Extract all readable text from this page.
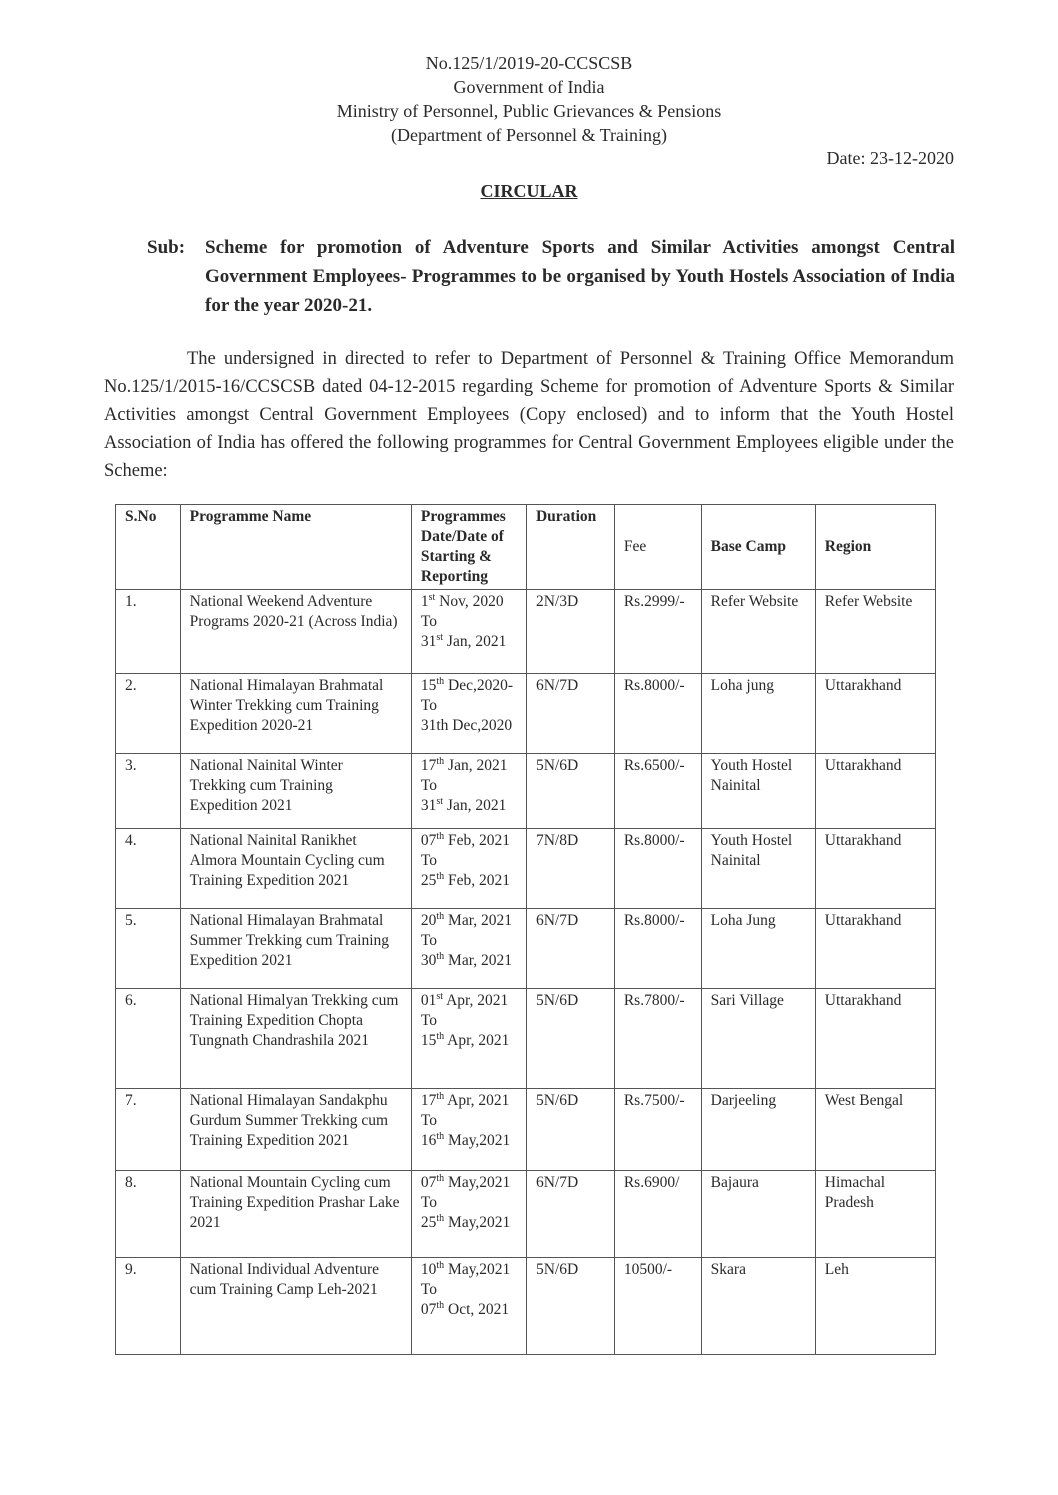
No.125/1/2019-20-CCSCSB
Government of India
Ministry of Personnel, Public Grievances & Pensions
(Department of Personnel & Training)
Date: 23-12-2020
CIRCULAR
Sub:	Scheme for promotion of Adventure Sports and Similar Activities amongst Central Government Employees- Programmes to be organised by Youth Hostels Association of India for the year 2020-21.
The undersigned in directed to refer to Department of Personnel & Training Office Memorandum No.125/1/2015-16/CCSCSB dated 04-12-2015 regarding Scheme for promotion of Adventure Sports & Similar Activities amongst Central Government Employees (Copy enclosed) and to inform that the Youth Hostel Association of India has offered the following programmes for Central Government Employees eligible under the Scheme:
S.No	Programme Name	Programmes Date/Date of Starting & Reporting	Duration	Fee	Base Camp	Region
1.	National Weekend Adventure Programs 2020-21 (Across India)	1st Nov, 2020
To
31st Jan, 2021	2N/3D	Rs.2999/-	Refer Website	Refer Website
2.	National Himalayan Brahmatal Winter Trekking cum Training Expedition 2020-21	15th Dec,2020-
To
31th Dec,2020	6N/7D	Rs.8000/-	Loha jung	Uttarakhand
3.	National Nainital Winter Trekking cum Training Expedition 2021	17th Jan, 2021
To
31st Jan, 2021	5N/6D	Rs.6500/-	Youth Hostel Nainital	Uttarakhand
4.	National Nainital Ranikhet Almora Mountain Cycling cum Training Expedition 2021	07th Feb, 2021
To
25th Feb, 2021	7N/8D	Rs.8000/-	Youth Hostel Nainital	Uttarakhand
5.	National Himalayan Brahmatal Summer Trekking cum Training Expedition 2021	20th Mar, 2021
To
30th Mar, 2021	6N/7D	Rs.8000/-	Loha Jung	Uttarakhand
6.	National Himalyan Trekking cum Training Expedition Chopta Tungnath Chandrashila 2021	01st Apr, 2021
To
15th Apr, 2021	5N/6D	Rs.7800/-	Sari Village	Uttarakhand
7.	National Himalayan Sandakphu Gurdum Summer Trekking cum Training Expedition 2021	17th Apr, 2021
To
16th May,2021	5N/6D	Rs.7500/-	Darjeeling	West Bengal
8.	National Mountain Cycling cum Training Expedition Prashar Lake 2021	07th May,2021
To
25th May,2021	6N/7D	Rs.6900/	Bajaura	Himachal Pradesh
9.	National Individual Adventure cum Training Camp Leh-2021	10th May,2021
To
07th Oct, 2021	5N/6D	10500/-	Skara	Leh
